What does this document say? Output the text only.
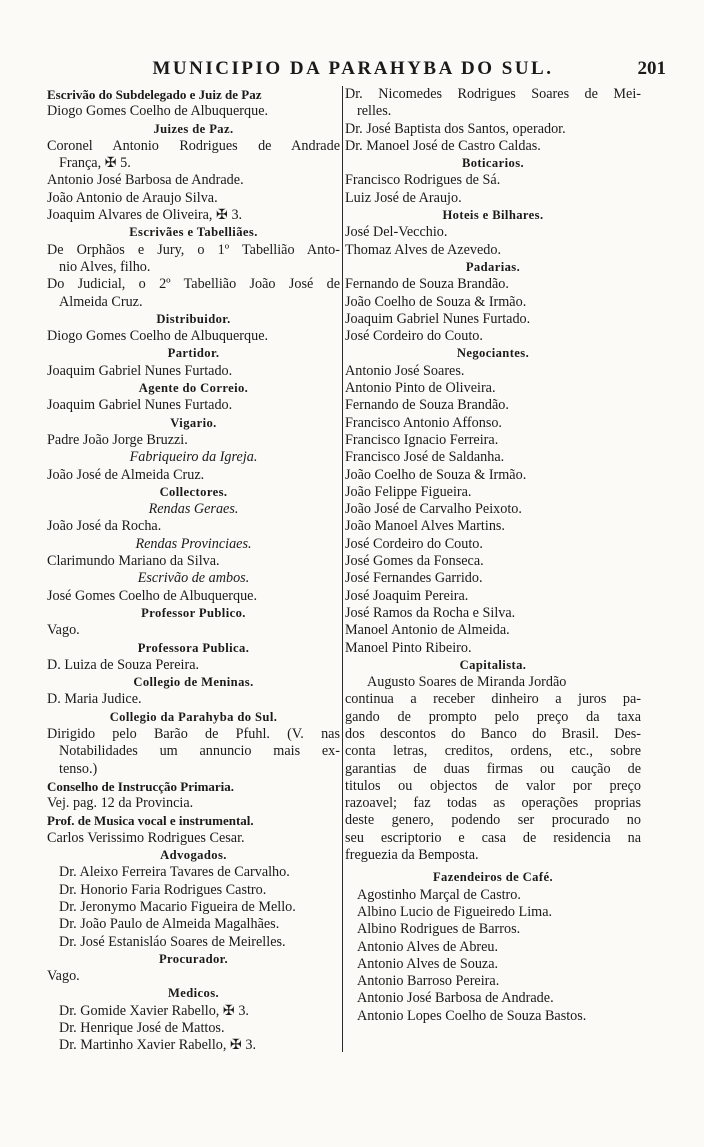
MUNICIPIO DA PARAHYBA DO SUL.	201
Escrivão do Subdelegado e Juiz de Paz
Diogo Gomes Coelho de Albuquerque.
Juizes de Paz.
Coronel Antonio Rodrigues de Andrade
França, ✠ 5.
Antonio José Barbosa de Andrade.
João Antonio de Araujo Silva.
Joaquim Alvares de Oliveira, ✠ 3.
Escrivães e Tabelliães.
De Orphãos e Jury, o 1º Tabellião Anto-
nio Alves, filho.
Do Judicial, o 2º Tabellião João José de
Almeida Cruz.
Distribuidor.
Diogo Gomes Coelho de Albuquerque.
Partidor.
Joaquim Gabriel Nunes Furtado.
Agente do Correio.
Joaquim Gabriel Nunes Furtado.
Vigario.
Padre João Jorge Bruzzi.
Fabriqueiro da Igreja.
João José de Almeida Cruz.
Collectores.
Rendas Geraes.
João José da Rocha.
Rendas Provinciaes.
Clarimundo Mariano da Silva.
Escrivão de ambos.
José Gomes Coelho de Albuquerque.
Professor Publico.
Vago.
Professora Publica.
D. Luiza de Souza Pereira.
Collegio de Meninas.
D. Maria Judice.
Collegio da Parahyba do Sul.
Dirigido pelo Barão de Pfuhl. (V. nas
Notabilidades um annuncio mais ex-
tenso.)
Conselho de Instrucção Primaria.
Vej. pag. 12 da Provincia.
Prof. de Musica vocal e instrumental.
Carlos Verissimo Rodrigues Cesar.
Advogados.
Dr. Aleixo Ferreira Tavares de Carvalho.
Dr. Honorio Faria Rodrigues Castro.
Dr. Jeronymo Macario Figueira de Mello.
Dr. João Paulo de Almeida Magalhães.
Dr. José Estanisláo Soares de Meirelles.
Procurador.
Vago.
Medicos.
Dr. Gomide Xavier Rabello, ✠ 3.
Dr. Henrique José de Mattos.
Dr. Martinho Xavier Rabello, ✠ 3.
Dr. Nicomedes Rodrigues Soares de Mei-
relles.
Dr. José Baptista dos Santos, operador.
Dr. Manoel José de Castro Caldas.
Boticarios.
Francisco Rodrigues de Sá.
Luiz José de Araujo.
Hoteis e Bilhares.
José Del-Vecchio.
Thomaz Alves de Azevedo.
Padarias.
Fernando de Souza Brandão.
João Coelho de Souza & Irmão.
Joaquim Gabriel Nunes Furtado.
José Cordeiro do Couto.
Negociantes.
Antonio José Soares.
Antonio Pinto de Oliveira.
Fernando de Souza Brandão.
Francisco Antonio Affonso.
Francisco Ignacio Ferreira.
Francisco José de Saldanha.
João Coelho de Souza & Irmão.
João Felippe Figueira.
João José de Carvalho Peixoto.
João Manoel Alves Martins.
José Cordeiro do Couto.
José Gomes da Fonseca.
José Fernandes Garrido.
José Joaquim Pereira.
José Ramos da Rocha e Silva.
Manoel Antonio de Almeida.
Manoel Pinto Ribeiro.
Capitalista.
Augusto Soares de Miranda Jordão
continua a receber dinheiro a juros pa-
gando de prompto pelo preço da taxa
dos descontos do Banco do Brasil. Des-
conta letras, creditos, ordens, etc., sobre
garantias de duas firmas ou caução de
titulos ou objectos de valor por preço
razoavel; faz todas as operações proprias
deste genero, podendo ser procurado no
seu escriptorio e casa de residencia na
freguezia da Bemposta.
Fazendeiros de Café.
Agostinho Marçal de Castro.
Albino Lucio de Figueiredo Lima.
Albino Rodrigues de Barros.
Antonio Alves de Abreu.
Antonio Alves de Souza.
Antonio Barroso Pereira.
Antonio José Barbosa de Andrade.
Antonio Lopes Coelho de Souza Bastos.
